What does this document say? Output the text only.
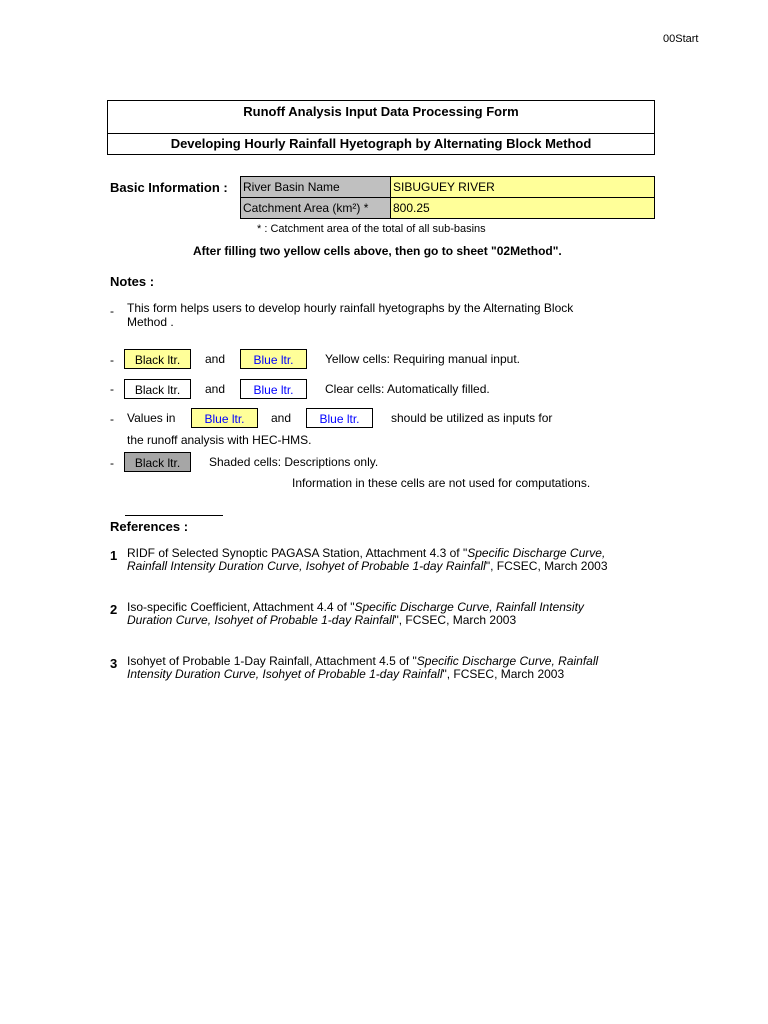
00Start
Runoff Analysis Input Data Processing Form
Developing Hourly Rainfall Hyetograph by Alternating Block Method
Basic Information : River Basin Name	SIBUGUEY RIVER
Catchment Area (km²) *	800.25
* : Catchment area of the total of all sub-basins
After filling two yellow cells above, then go to sheet "02Method".
Notes :
- This form helps users to develop hourly rainfall hyetographs by the Alternating Block
Method .
-	Black ltr.	and	Blue ltr.	Yellow cells: Requiring manual input.
-	Black ltr.	and	Blue ltr.	Clear cells: Automatically filled.
- Values in	Blue ltr.	and	Blue ltr.	should be utilized as inputs for
the runoff analysis with HEC-HMS.
-	Black ltr.	Shaded cells: Descriptions only.
Information in these cells are not used for computations.
References :
1 RIDF of Selected Synoptic PAGASA Station, Attachment 4.3 of "Specific Discharge Curve,
Rainfall Intensity Duration Curve, Isohyet of Probable 1-day Rainfall", FCSEC, March 2003
2 Iso-specific Coefficient, Attachment 4.4 of "Specific Discharge Curve, Rainfall Intensity
Duration Curve, Isohyet of Probable 1-day Rainfall", FCSEC, March 2003
3 Isohyet of Probable 1-Day Rainfall, Attachment 4.5 of "Specific Discharge Curve, Rainfall
Intensity Duration Curve, Isohyet of Probable 1-day Rainfall", FCSEC, March 2003
